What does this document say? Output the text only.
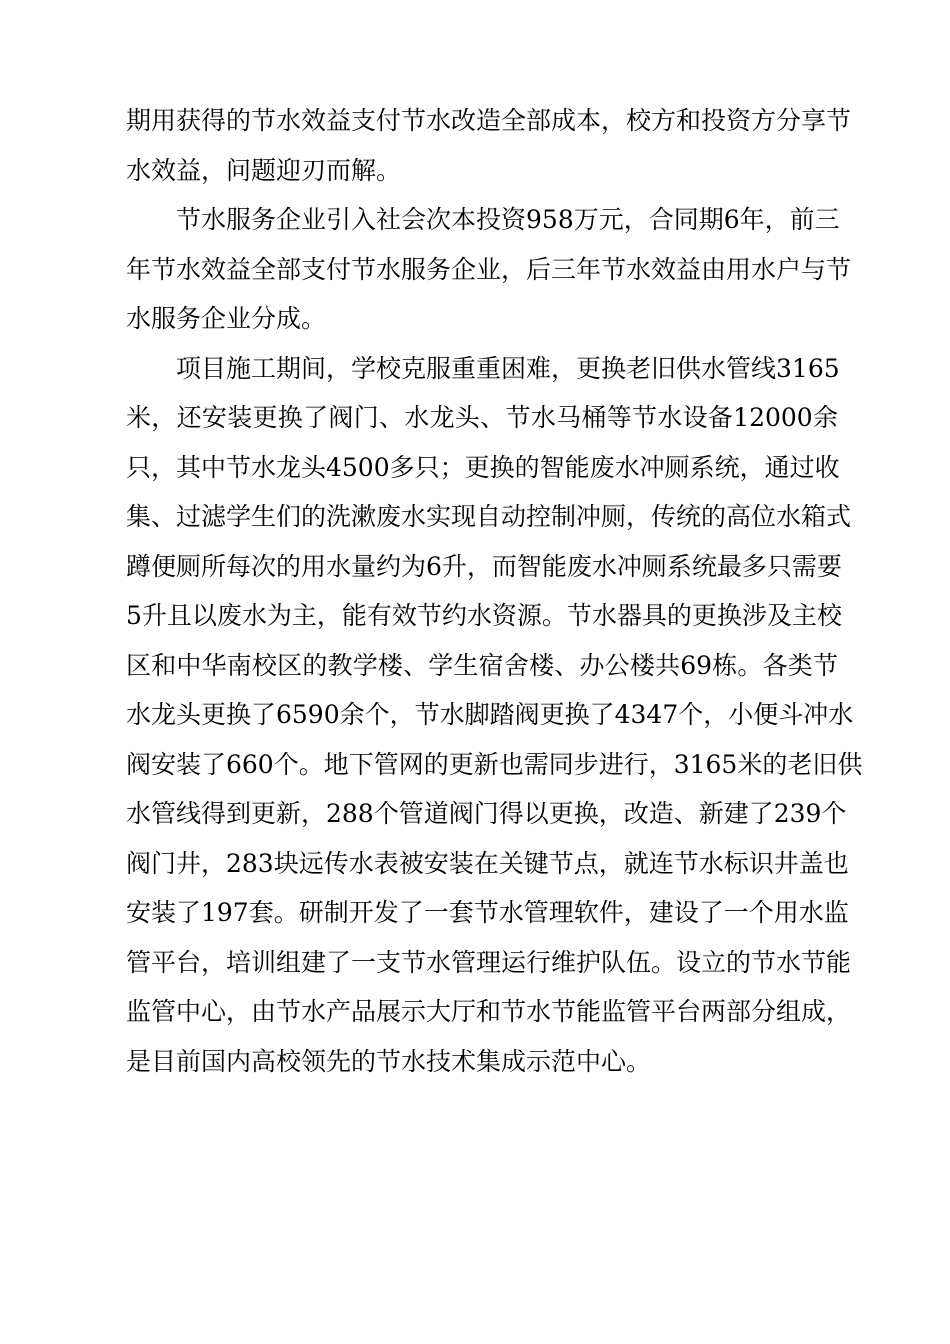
期用获得的节水效益支付节水改造全部成本，校方和投资方分享节
水效益，问题迎刃而解。
节水服务企业引入社会次本投资958万元，合同期6年，前三
年节水效益全部支付节水服务企业，后三年节水效益由用水户与节
水服务企业分成。
项目施工期间，学校克服重重困难，更换老旧供水管线3165
米，还安装更换了阀门、水龙头、节水马桶等节水设备12000余
只，其中节水龙头4500多只；更换的智能废水冲厕系统，通过收
集、过滤学生们的洗漱废水实现自动控制冲厕，传统的高位水箱式
蹲便厕所每次的用水量约为6升，而智能废水冲厕系统最多只需要
5升且以废水为主，能有效节约水资源。节水器具的更换涉及主校
区和中华南校区的教学楼、学生宿舍楼、办公楼共69栋。各类节
水龙头更换了6590余个，节水脚踏阀更换了4347个，小便斗冲水
阀安装了660个。地下管网的更新也需同步进行，3165米的老旧供
水管线得到更新，288个管道阀门得以更换，改造、新建了239个
阀门井，283块远传水表被安装在关键节点，就连节水标识井盖也
安装了197套。研制开发了一套节水管理软件，建设了一个用水监
管平台，培训组建了一支节水管理运行维护队伍。设立的节水节能
监管中心，由节水产品展示大厅和节水节能监管平台两部分组成，
是目前国内高校领先的节水技术集成示范中心。
